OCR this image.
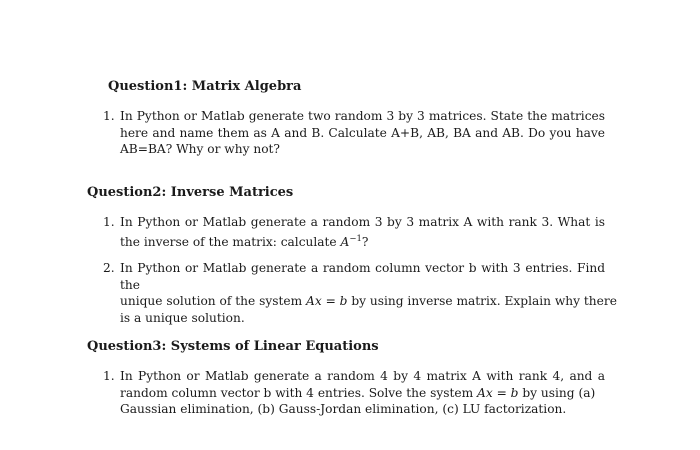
Question1: Matrix Algebra
1. In Python or Matlab generate two random 3 by 3 matrices. State the matrices
here and name them as A and B. Calculate A+B, AB, BA and AB. Do you have
AB=BA? Why or why not?
Question2: Inverse Matrices
1. In Python or Matlab generate a random 3 by 3 matrix A with rank 3. What is
the inverse of the matrix: calculate $A^{-1}$?
2. In Python or Matlab generate a random column vector b with 3 entries. Find the
unique solution of the system Ax = b by using inverse matrix. Explain why there
is a unique solution.
Question3: Systems of Linear Equations
1. In Python or Matlab generate a random 4 by 4 matrix A with rank 4, and a
random column vector b with 4 entries. Solve the system Ax = b by using (a)
Gaussian elimination, (b) Gauss-Jordan elimination, (c) LU factorization.
